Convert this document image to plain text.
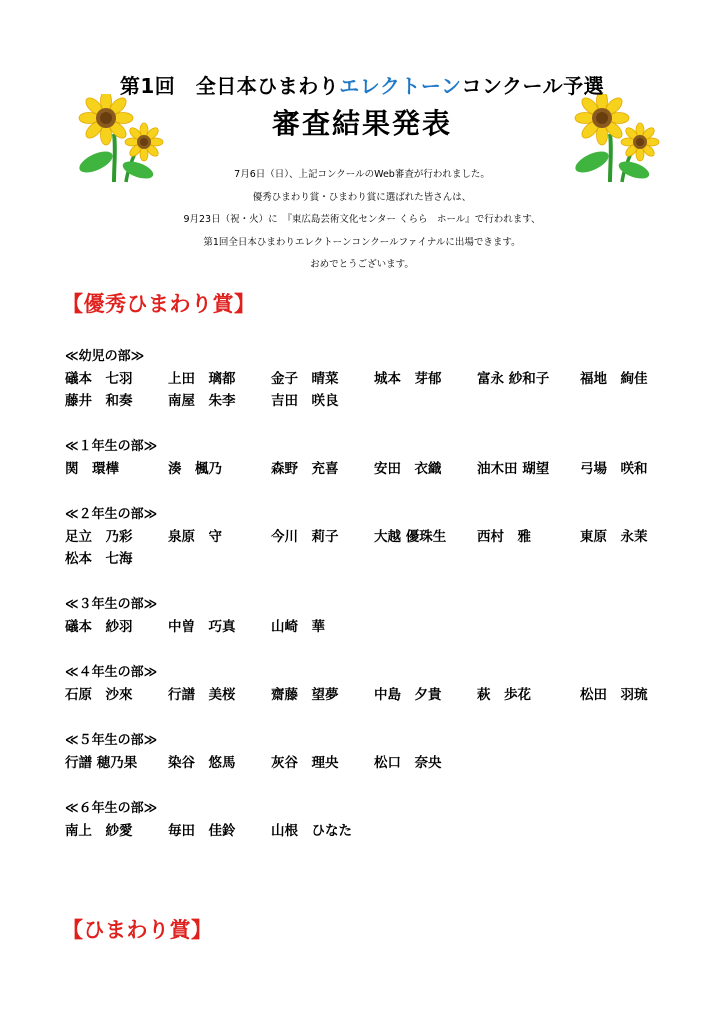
第1回　全日本ひまわりエレクトーンコンクール予選
審査結果発表
7月6日（日）、上記コンクールのWeb審査が行われました。
優秀ひまわり賞・ひまわり賞に選ばれた皆さんは、
9月23日（祝・火）に　『東広島芸術文化センター くらら　ホール』で行われます、
第1回全日本ひまわりエレクトーンコンクールファイナルに出場できます。
おめでとうございます。
【優秀ひまわり賞】
≪幼児の部≫
礒本　七羽	上田　璃都	金子　晴菜	城本　芽郁	富永 紗和子	福地　絢佳
藤井　和奏	南屋　朱李	吉田　咲良
≪１年生の部≫
関　環樺	湊　楓乃	森野　充喜	安田　衣織	油木田 瑚望	弓場　咲和
≪２年生の部≫
足立　乃彩	泉原　守	今川　莉子	大越 優珠生	西村　雅	東原　永茉
松本　七海
≪３年生の部≫
礒本　紗羽	中曽　巧真	山崎　華
≪４年生の部≫
石原　沙來	行譜　美桜	齋藤　望夢	中島　夕貴	萩　歩花	松田　羽琉
≪５年生の部≫
行譜 穂乃果	染谷　悠馬	灰谷　理央	松口　奈央
≪６年生の部≫
南上　紗愛	毎田　佳鈴	山根　ひなた
【ひまわり賞】
